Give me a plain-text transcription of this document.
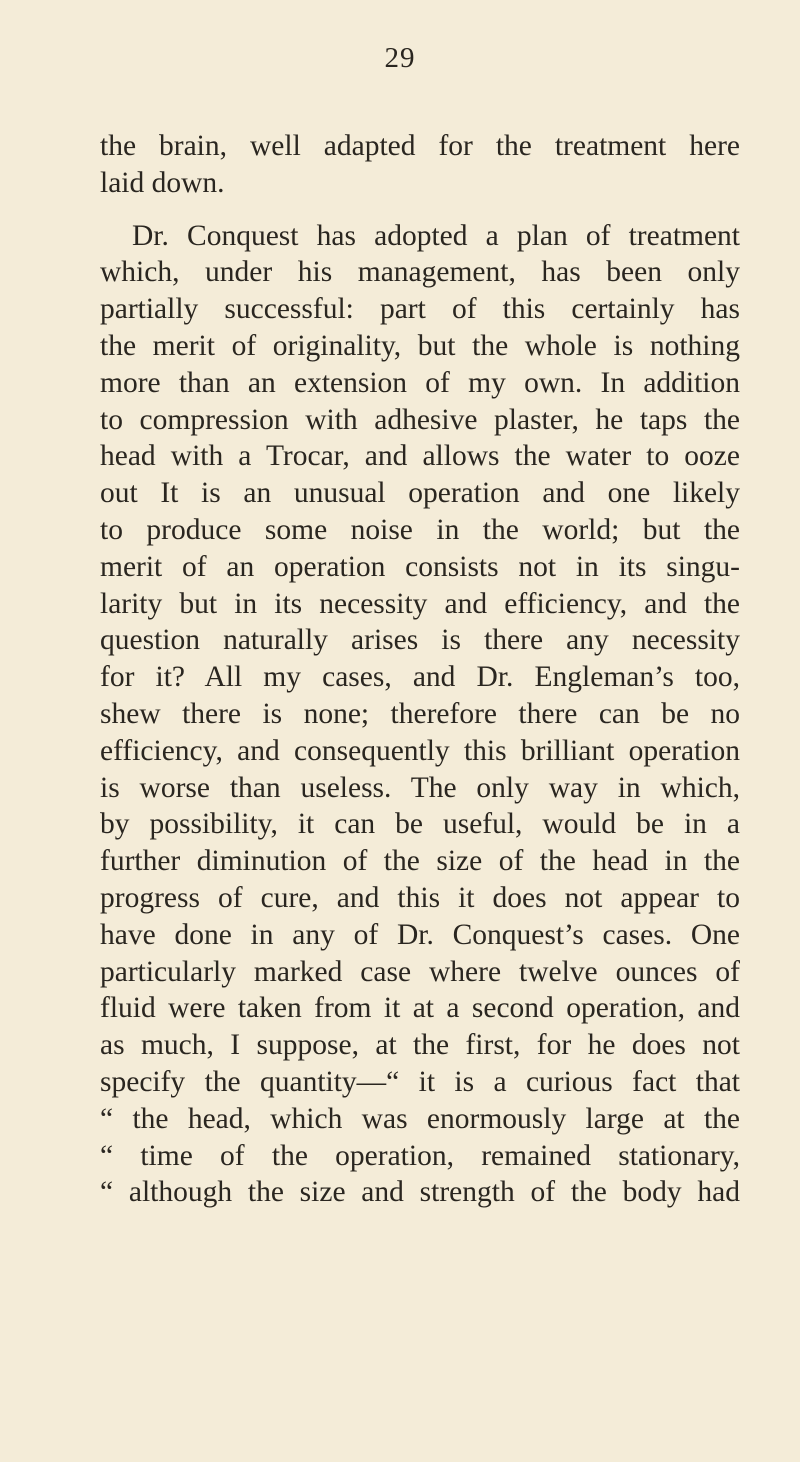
29
the brain, well adapted for the treatment here
laid down.
Dr. Conquest has adopted a plan of treatment
which, under his management, has been only
partially successful: part of this certainly has
the merit of originality, but the whole is nothing
more than an extension of my own. In addition
to compression with adhesive plaster, he taps the
head with a Trocar, and allows the water to ooze
out It is an unusual operation and one likely
to produce some noise in the world; but the
merit of an operation consists not in its singu-
larity but in its necessity and efficiency, and the
question naturally arises is there any necessity
for it? All my cases, and Dr. Engleman’s too,
shew there is none; therefore there can be no
efficiency, and consequently this brilliant operation
is worse than useless. The only way in which,
by possibility, it can be useful, would be in a
further diminution of the size of the head in the
progress of cure, and this it does not appear to
have done in any of Dr. Conquest’s cases. One
particularly marked case where twelve ounces of
fluid were taken from it at a second operation, and
as much, I suppose, at the first, for he does not
specify the quantity—“ it is a curious fact that
“ the head, which was enormously large at the
“ time of the operation, remained stationary,
“ although the size and strength of the body had
